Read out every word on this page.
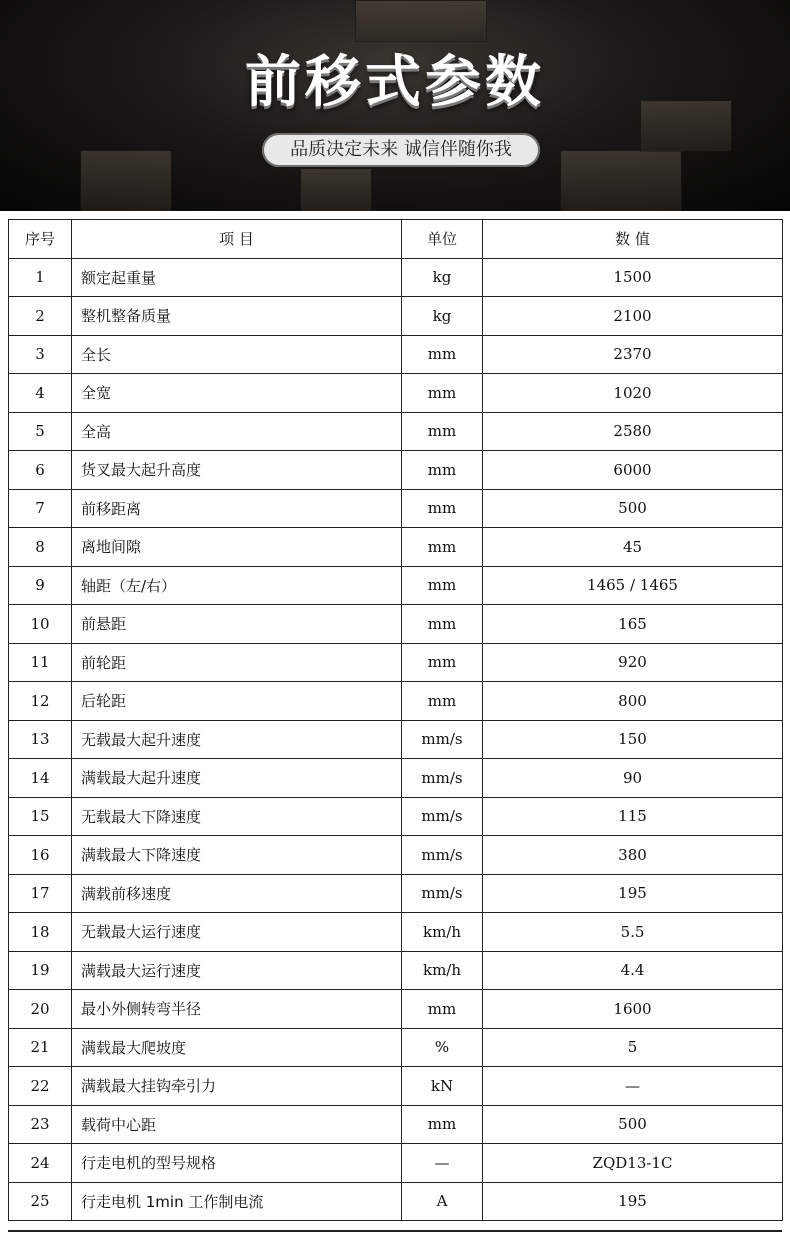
前移式参数
品质决定未来 诚信伴随你我
序号	项 目	单位	数 值
1	额定起重量	kg	1500
2	整机整备质量	kg	2100
3	全长	mm	2370
4	全宽	mm	1020
5	全高	mm	2580
6	货叉最大起升高度	mm	6000
7	前移距离	mm	500
8	离地间隙	mm	45
9	轴距（左/右）	mm	1465 / 1465
10	前悬距	mm	165
11	前轮距	mm	920
12	后轮距	mm	800
13	无载最大起升速度	mm/s	150
14	满载最大起升速度	mm/s	90
15	无载最大下降速度	mm/s	115
16	满载最大下降速度	mm/s	380
17	满载前移速度	mm/s	195
18	无载最大运行速度	km/h	5.5
19	满载最大运行速度	km/h	4.4
20	最小外侧转弯半径	mm	1600
21	满载最大爬坡度	%	5
22	满载最大挂钩牵引力	kN	—
23	载荷中心距	mm	500
24	行走电机的型号规格	—	ZQD13-1C
25	行走电机 1min 工作制电流	A	195
